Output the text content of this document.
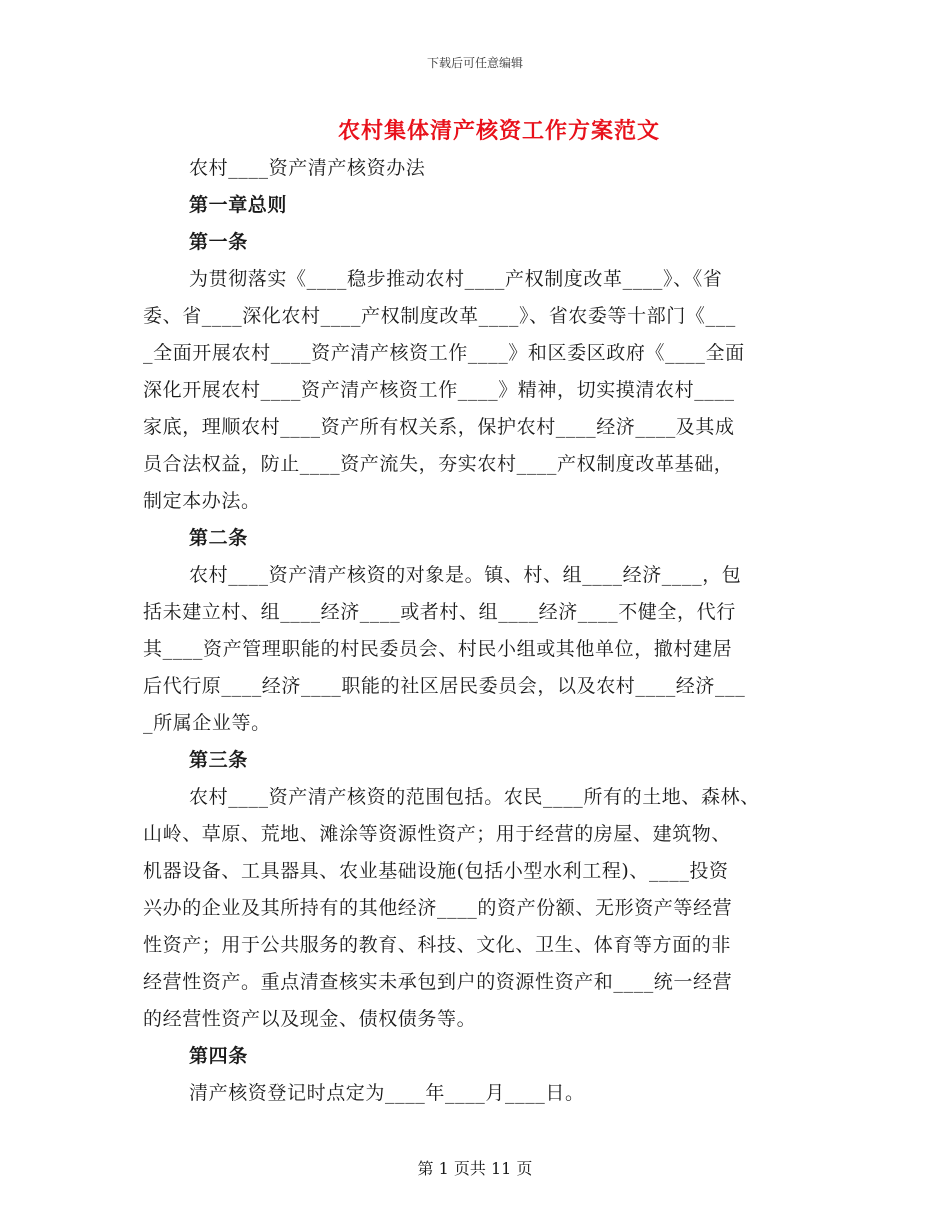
下载后可任意编辑
农村集体清产核资工作方案范文
农村____资产清产核资办法
第一章总则
第一条
为贯彻落实《____稳步推动农村____产权制度改革____》、《省
委、省____深化农村____产权制度改革____》、省农委等十部门《___
_全面开展农村____资产清产核资工作____》和区委区政府《____全面
深化开展农村____资产清产核资工作____》精神，切实摸清农村____
家底，理顺农村____资产所有权关系，保护农村____经济____及其成
员合法权益，防止____资产流失，夯实农村____产权制度改革基础，
制定本办法。
第二条
农村____资产清产核资的对象是。镇、村、组____经济____，包
括未建立村、组____经济____或者村、组____经济____不健全，代行
其____资产管理职能的村民委员会、村民小组或其他单位，撤村建居
后代行原____经济____职能的社区居民委员会，以及农村____经济___
_所属企业等。
第三条
农村____资产清产核资的范围包括。农民____所有的土地、森林、
山岭、草原、荒地、滩涂等资源性资产；用于经营的房屋、建筑物、
机器设备、工具器具、农业基础设施(包括小型水利工程)、____投资
兴办的企业及其所持有的其他经济____的资产份额、无形资产等经营
性资产；用于公共服务的教育、科技、文化、卫生、体育等方面的非
经营性资产。重点清查核实未承包到户的资源性资产和____统一经营
的经营性资产以及现金、债权债务等。
第四条
清产核资登记时点定为____年____月____日。
第 1 页共 11 页
